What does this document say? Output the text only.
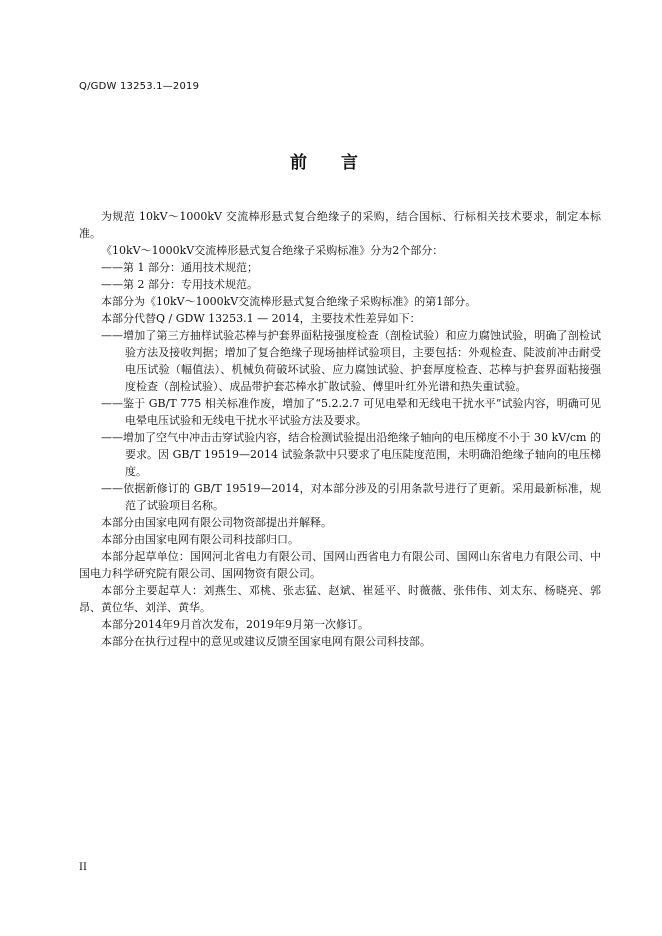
Q/GDW 13253.1—2019
前 言

为规范 10kV～1000kV 交流棒形悬式复合绝缘子的采购，结合国标、行标相关技术要求，制定本标准。

《10kV～1000kV交流棒形悬式复合绝缘子采购标准》分为2个部分：

——第 1 部分：通用技术规范；

——第 2 部分：专用技术规范。

本部分为《10kV～1000kV交流棒形悬式复合绝缘子采购标准》的第1部分。

本部分代替Q / GDW 13253.1 — 2014，主要技术性差异如下：

——增加了第三方抽样试验芯棒与护套界面粘接强度检查（剖检试验）和应力腐蚀试验，明确了剖检试验方法及接收判据；增加了复合绝缘子现场抽样试验项目，主要包括：外观检查、陡波前冲击耐受电压试验（幅值法）、机械负荷破坏试验、应力腐蚀试验、护套厚度检查、芯棒与护套界面粘接强度检查（剖检试验）、成品带护套芯棒水扩散试验、傅里叶红外光谱和热失重试验。

——鉴于 GB/T 775 相关标准作废，增加了“5.2.2.7 可见电晕和无线电干扰水平”试验内容，明确可见电晕电压试验和无线电干扰水平试验方法及要求。

——增加了空气中冲击击穿试验内容，结合检测试验提出沿绝缘子轴向的电压梯度不小于 30 kV/cm 的要求。因 GB/T 19519—2014 试验条款中只要求了电压陡度范围，未明确沿绝缘子轴向的电压梯度。

——依据新修订的 GB/T 19519—2014，对本部分涉及的引用条款号进行了更新。采用最新标准，规范了试验项目名称。

本部分由国家电网有限公司物资部提出并解释。

本部分由国家电网有限公司科技部归口。

本部分起草单位：国网河北省电力有限公司、国网山西省电力有限公司、国网山东省电力有限公司、中国电力科学研究院有限公司、国网物资有限公司。

本部分主要起草人：刘燕生、邓桃、张志猛、赵斌、崔延平、时薇薇、张伟伟、刘太东、杨晓亮、郭昂、黄位华、刘洋、黄华。

本部分2014年9月首次发布，2019年9月第一次修订。

本部分在执行过程中的意见或建议反馈至国家电网有限公司科技部。

II
